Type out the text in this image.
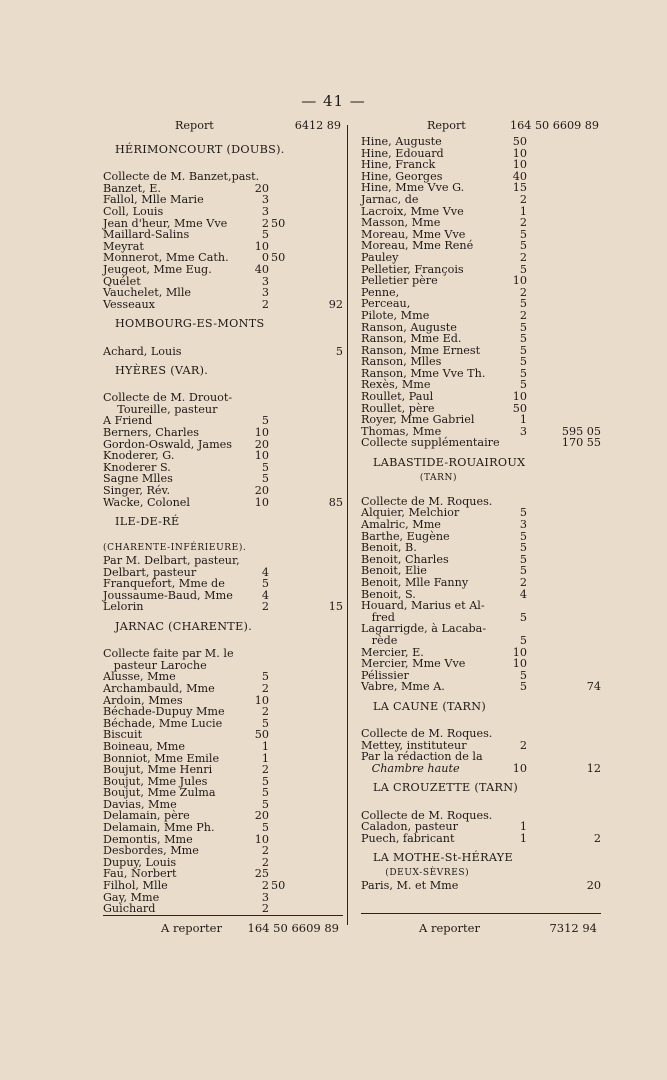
— 41 —
Report	6412 89
HÉRIMONCOURT (DOUBS).
Collecte de M. Banzet,past.
Banzet, E.	20
Fallol, Mlle Marie	3
Coll, Louis	3
Jean d'heur, Mme Vve	2 50
Maillard-Salins	5
Meyrat	10
Monnerot, Mme Cath.	0 50
Jeugeot, Mme Eug.	40
Quélet	3
Vauchelet, Mlle	3
Vesseaux	2	92
HOMBOURG-ES-MONTS
Achard, Louis	5
HYÈRES (VAR).
Collecte de M. Drouot-
Toureille, pasteur
A Friend	5
Berners, Charles	10
Gordon-Oswald, James 20
Knoderer, G.	10
Knoderer S.	5
Sagne Mlles	5
Singer, Rév.	20
Wacke, Colonel	10	85
ILE-DE-RÉ
(CHARENTE-INFÉRIEURE).
Par M. Delbart, pasteur,
Delbart, pasteur	4
Franquefort, Mme de	5
Joussaume-Baud, Mme	4
Lelorin	2	15
JARNAC (CHARENTE).
Collecte faite par M. le
pasteur Laroche
Alusse, Mme	5
Archambauld, Mme	2
Ardoin, Mmes	10
Béchade-Dupuy Mme	2
Béchade, Mme Lucie	5
Biscuit	50
Boineau, Mme	1
Bonniot, Mme Emile	1
Boujut, Mme Henri	2
Boujut, Mme Jules	5
Boujut, Mme Zulma	5
Davias, Mme	5
Delamain, père	20
Delamain, Mme Ph.	5
Demontis, Mme	10
Desbordes, Mme	2
Dupuy, Louis	2
Fau, Norbert	25
Filhol, Mlle	2 50
Gay, Mme	3
Guichard	2
Report	164 50 6609 89
Hine, Auguste	50
Hine, Edouard	10
Hine, Franck	10
Hine, Georges	40
Hine, Mme Vve G.	15
Jarnac, de	2
Lacroix, Mme Vve	1
Masson, Mme	2
Moreau, Mme Vve	5
Moreau, Mme René	5
Pauley	2
Pelletier, François	5
Pelletier père	10
Penne,	2
Perceau,	5
Pilote, Mme	2
Ranson, Auguste	5
Ranson, Mme Ed.	5
Ranson, Mme Ernest	5
Ranson, Mlles	5
Ranson, Mme Vve Th.	5
Rexès, Mme	5
Roullet, Paul	10
Roullet, père	50
Royer, Mme Gabriel	1
Thomas, Mme	3	595 05
Collecte supplémentaire	170 55
LABASTIDE-ROUAIROUX
(TARN)
Collecte de M. Roques.
Alquier, Melchior	5
Amalric, Mme	3
Barthe, Eugène	5
Benoit, B.	5
Benoit, Charles	5
Benoit, Elie	5
Benoit, Mlle Fanny	2
Benoit, S.	4
Houard, Marius et Al-
fred	5
Lagarrigde, à Lacaba-
rède	5
Mercier, E.	10
Mercier, Mme Vve	10
Pélissier	5
Vabre, Mme A.	5	74
LA CAUNE (TARN)
Collecte de M. Roques.
Mettey, instituteur	2
Par la rédaction de la
Chambre haute	10	12
LA CROUZETTE (TARN)
Collecte de M. Roques.
Caladon, pasteur	1
Puech, fabricant	1	2
LA MOTHE-St-HÉRAYE
(DEUX-SÈVRES)
Paris, M. et Mme	20
A reporter 164 50 6609 89	A reporter	7312 94
